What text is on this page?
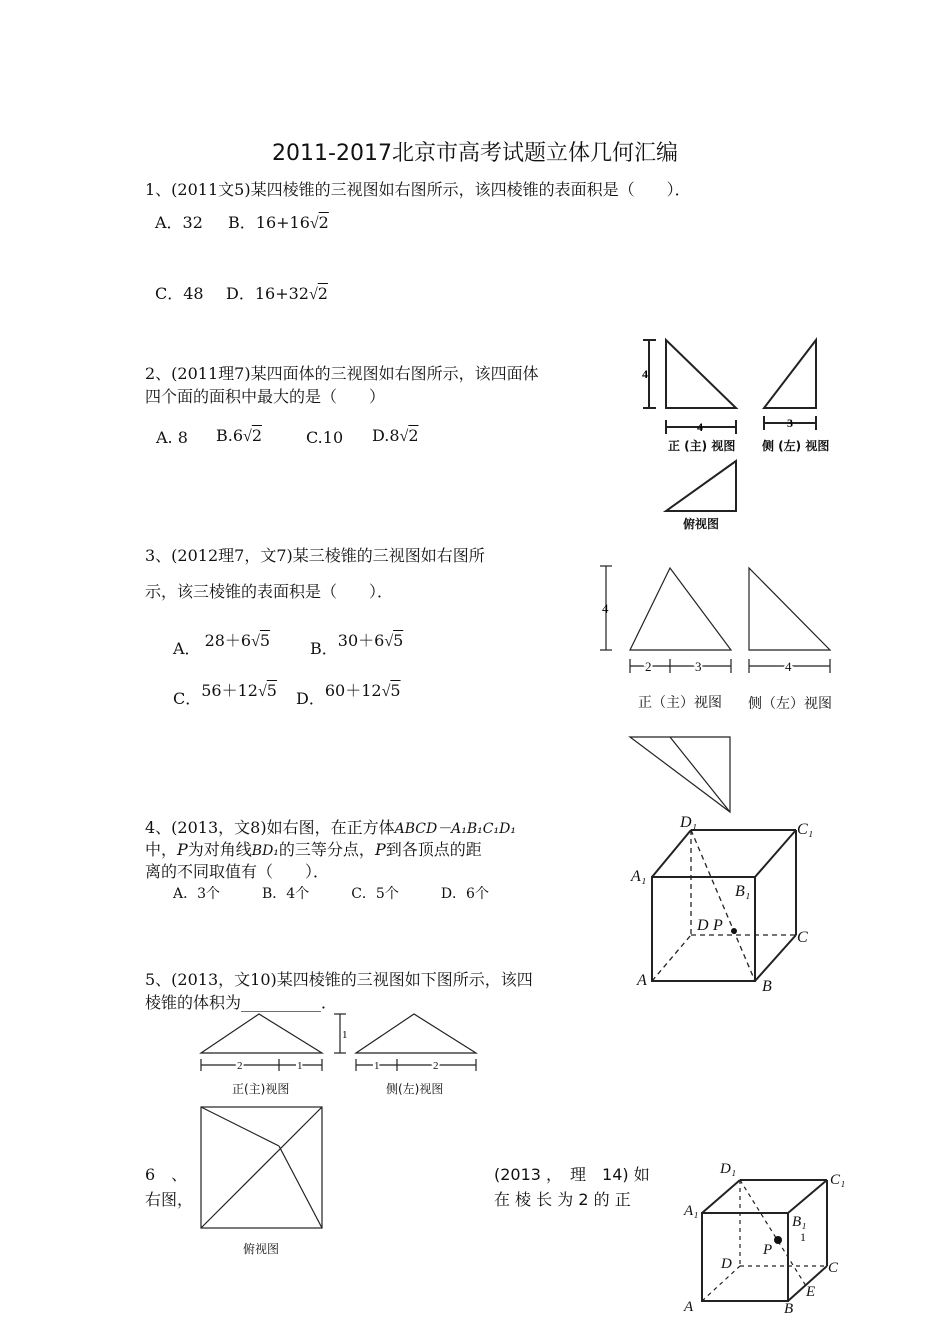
2011-2017北京市高考试题立体几何汇编
1、(2011文5)某四棱锥的三视图如右图所示，该四棱锥的表面积是（　　）．
A．32 B．16+16√2
C．48 D．16+32√2
2、(2011理7)某四面体的三视图如右图所示，该四面体
四个面的面积中最大的是（　　）
A. 8 B.6√2	C.10 D.8√2
4
4	3
正 (主) 视图 侧 (左) 视图
俯视图
3、(2012理7，文7)某三棱锥的三视图如右图所
示，该三棱锥的表面积是（　　）．
A． 28＋6√5 B．30＋6√5
C．56＋12√5 D．60＋12√5
4
2	3	4
正（主）视图 侧（左）视图
4、(2013，文8)如右图，在正方体ABCD－A₁B₁C₁D₁
中，P为对角线BD₁的三等分点，P到各顶点的距
离的不同取值有（　　）．
A．3个　　　B．4个　　　C．5个　　　D．6个
D₁	C₁
A₁
B₁
D P
C
A	B
5、(2013，文10)某四棱锥的三视图如下图所示，该四
棱锥的体积为__________．
1
2	1	1	2
正(主)视图	侧(左)视图
俯视图
6　、
右图，
(2013 ，　理　14) 如
在 棱 长 为 2 的 正
D₁
C₁
A₁
B₁
P
D	C
E
A	B
1
